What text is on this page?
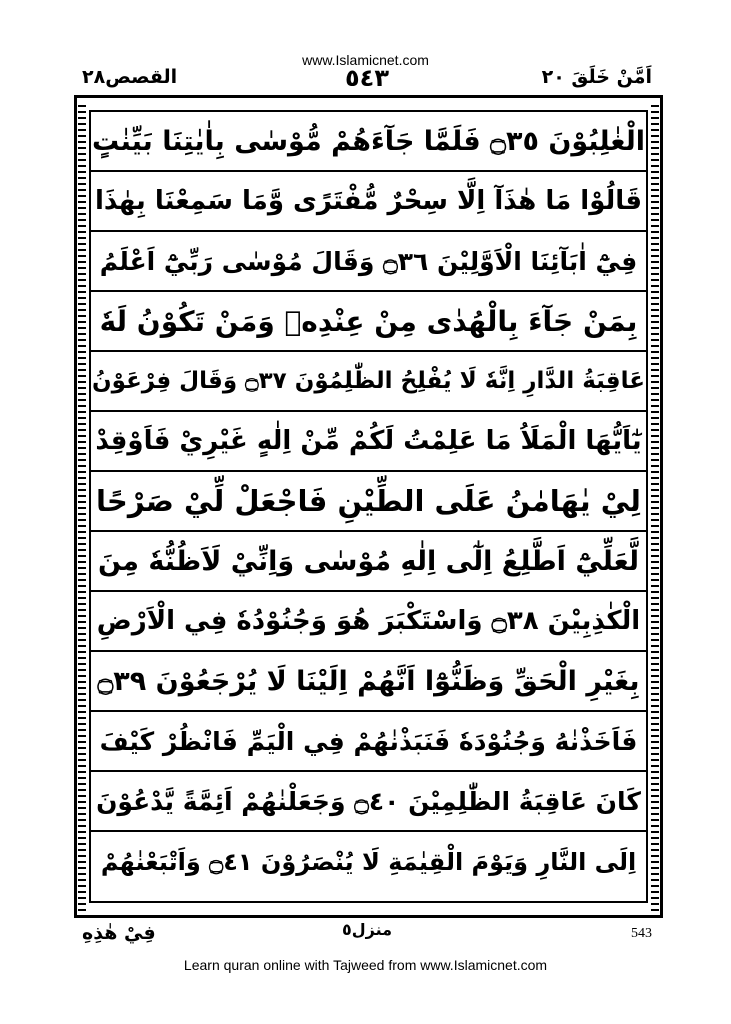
www.Islamicnet.com
القصص٢٨	٥٤٣	اَمَّنْ خَلَقَ ٢٠
الْغٰلِبُوْنَ ۝٣٥ فَلَمَّا جَآءَهُمْ مُّوْسٰى بِاٰيٰتِنَا بَيِّنٰتٍ
قَالُوْا مَا هٰذَآ اِلَّا سِحْرٌ مُّفْتَرًى وَّمَا سَمِعْنَا بِهٰذَا
فِيْٓ اٰبَآئِنَا الْاَوَّلِيْنَ ۝٣٦ وَقَالَ مُوْسٰى رَبِّيْٓ اَعْلَمُ
بِمَنْ جَآءَ بِالْهُدٰى مِنْ عِنْدِهٖ وَمَنْ تَكُوْنُ لَهٗ
عَاقِبَةُ الدَّارِ اِنَّهٗ لَا يُفْلِحُ الظّٰلِمُوْنَ ۝٣٧ وَقَالَ فِرْعَوْنُ
يٰٓاَيُّهَا الْمَلَاُ مَا عَلِمْتُ لَكُمْ مِّنْ اِلٰهٍ غَيْرِيْ فَاَوْقِدْ
لِيْ يٰهَامٰنُ عَلَى الطِّيْنِ فَاجْعَلْ لِّيْ صَرْحًا
لَّعَلِّيْٓ اَطَّلِعُ اِلٰٓى اِلٰهِ مُوْسٰى وَاِنِّيْ لَاَظُنُّهٗ مِنَ
الْكٰذِبِيْنَ ۝٣٨ وَاسْتَكْبَرَ هُوَ وَجُنُوْدُهٗ فِي الْاَرْضِ
بِغَيْرِ الْحَقِّ وَظَنُّوْٓا اَنَّهُمْ اِلَيْنَا لَا يُرْجَعُوْنَ ۝٣٩
فَاَخَذْنٰهُ وَجُنُوْدَهٗ فَنَبَذْنٰهُمْ فِي الْيَمِّ فَانْظُرْ كَيْفَ
كَانَ عَاقِبَةُ الظّٰلِمِيْنَ ۝٤٠ وَجَعَلْنٰهُمْ اَئِمَّةً يَّدْعُوْنَ
اِلَى النَّارِ وَيَوْمَ الْقِيٰمَةِ لَا يُنْصَرُوْنَ ۝٤١ وَاَتْبَعْنٰهُمْ
فِيْ هٰذِهِ	منزل٥	543
Learn quran online with Tajweed from www.Islamicnet.com
